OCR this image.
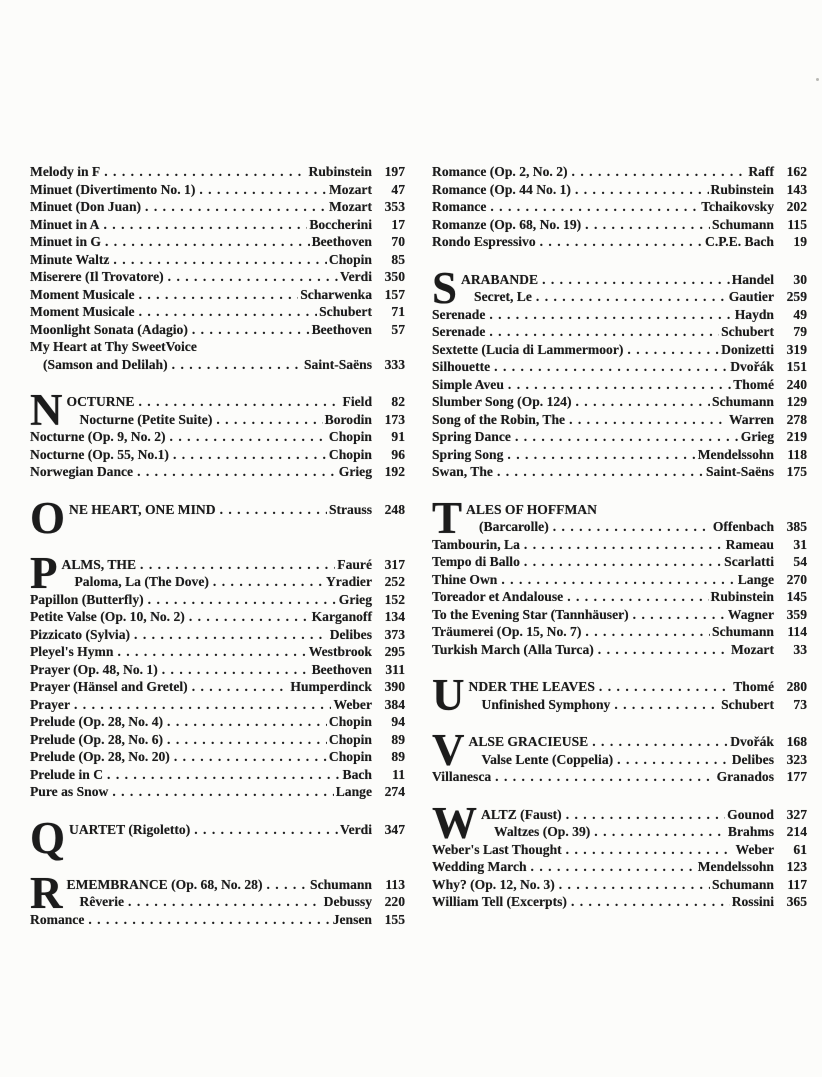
Melody in F . . .	Rubinstein 197
Minuet (Divertimento No. 1) . . .	Mozart	47
Minuet (Don Juan) . . .	Mozart 353
Minuet in A . . .	Boccherini	17
Minuet in G . . .	Beethoven	70
Minute Waltz . . .	Chopin	85
Miserere (Il Trovatore) . . .	Verdi 350
Moment Musicale . . .	Scharwenka 157
Moment Musicale . . .	Schubert	71
Moonlight Sonata (Adagio) . . .	Beethoven	57
My Heart at Thy SweetVoice
(Samson and Delilah) . . .	Saint-Saëns 333
N OCTURNE . . .	Field	82
Nocturne (Petite Suite) . . .	Borodin 173
Nocturne (Op. 9, No. 2) . . .	Chopin	91
Nocturne (Op. 55, No.1) . . .	Chopin	96
Norwegian Dance . . .	Grieg 192
O NE HEART, ONE MIND . . .	Strauss 248
P ALMS, THE . . .	Fauré 317
Paloma, La (The Dove) . . .	Yradier 252
Papillon (Butterfly) . . .	Grieg 152
Petite Valse (Op. 10, No. 2) . . .	Karganoff 134
Pizzicato (Sylvia) . . .	Delibes 373
Pleyel's Hymn . . .	Westbrook 295
Prayer (Op. 48, No. 1) . . .	Beethoven 311
Prayer (Hänsel and Gretel) . . .	Humperdinck 390
Prayer . . .	Weber 384
Prelude (Op. 28, No. 4) . . .	Chopin	94
Prelude (Op. 28, No. 6) . . .	Chopin	89
Prelude (Op. 28, No. 20) . . .	Chopin	89
Prelude in C . . .	Bach	11
Pure as Snow . . .	Lange 274
Q UARTET (Rigoletto) . . .	Verdi 347
R EMEMBRANCE (Op. 68, No. 28) . . .	Schumann 113
Rêverie . . .	Debussy 220
Romance . . .	Jensen 155
Romance (Op. 2, No. 2) . . .	Raff 162
Romance (Op. 44 No. 1) . . .	Rubinstein 143
Romance . . .	Tchaikovsky 202
Romanze (Op. 68, No. 19) . . .	Schumann 115
Rondo Espressivo . . .	C.P.E. Bach	19
S ARABANDE . . .	Handel	30
Secret, Le . . .	Gautier 259
Serenade . . .	Haydn	49
Serenade . . .	Schubert	79
Sextette (Lucia di Lammermoor) . . .	Donizetti 319
Silhouette . . .	Dvořák 151
Simple Aveu . . .	Thomé 240
Slumber Song (Op. 124) . . .	Schumann 129
Song of the Robin, The . . .	Warren 278
Spring Dance . . .	Grieg 219
Spring Song . . .	Mendelssohn 118
Swan, The . . .	Saint-Saëns 175
T ALES OF HOFFMAN
(Barcarolle) . . .	Offenbach 385
Tambourin, La . . .	Rameau	31
Tempo di Ballo . . .	Scarlatti	54
Thine Own . . .	Lange 270
Toreador et Andalouse . . .	Rubinstein 145
To the Evening Star (Tannhäuser) . . .	Wagner 359
Träumerei (Op. 15, No. 7) . . .	Schumann 114
Turkish March (Alla Turca) . . .	Mozart	33
U NDER THE LEAVES . . .	Thomé 280
Unfinished Symphony . . .	Schubert	73
V ALSE GRACIEUSE . . .	Dvořák 168
Valse Lente (Coppelia) . . .	Delibes 323
Villanesca . . .	Granados 177
W ALTZ (Faust) . . .	Gounod 327
Waltzes (Op. 39) . . .	Brahms 214
Weber's Last Thought . . .	Weber	61
Wedding March . . .	Mendelssohn 123
Why? (Op. 12, No. 3) . . .	Schumann 117
William Tell (Excerpts) . . .	Rossini 365
